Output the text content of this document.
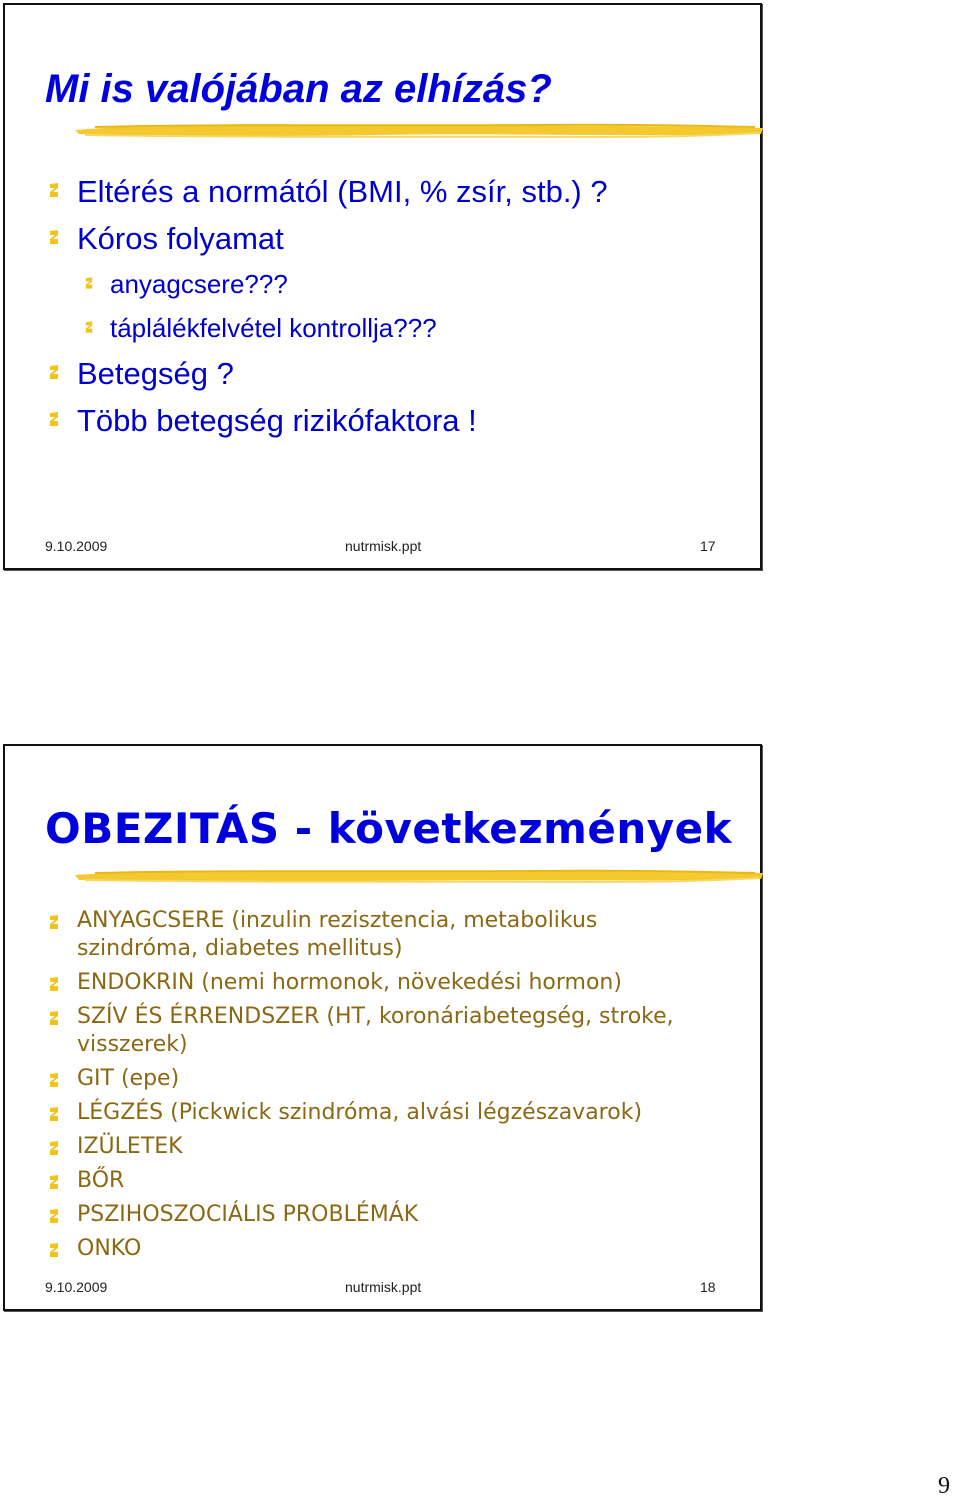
Mi is valójában az elhízás?
Eltérés a normától (BMI, % zsír, stb.) ?
Kóros folyamat
anyagcsere???
táplálékfelvétel kontrollja???
Betegség ?
Több betegség rizikófaktora !
9.10.2009	nutrmisk.ppt	17
OBEZITÁS - következmények
ANYAGCSERE (inzulin rezisztencia, metabolikus szindróma, diabetes mellitus)
ENDOKRIN (nemi hormonok, növekedési hormon)
SZÍV ÉS ÉRRENDSZER (HT, koronáriabetegség, stroke, visszerek)
GIT (epe)
LÉGZÉS (Pickwick szindróma, alvási légzészavarok)
IZÜLETEK
BŐR
PSZIHOSZOCIÁLIS PROBLÉMÁK
ONKO
9.10.2009	nutrmisk.ppt	18
9
